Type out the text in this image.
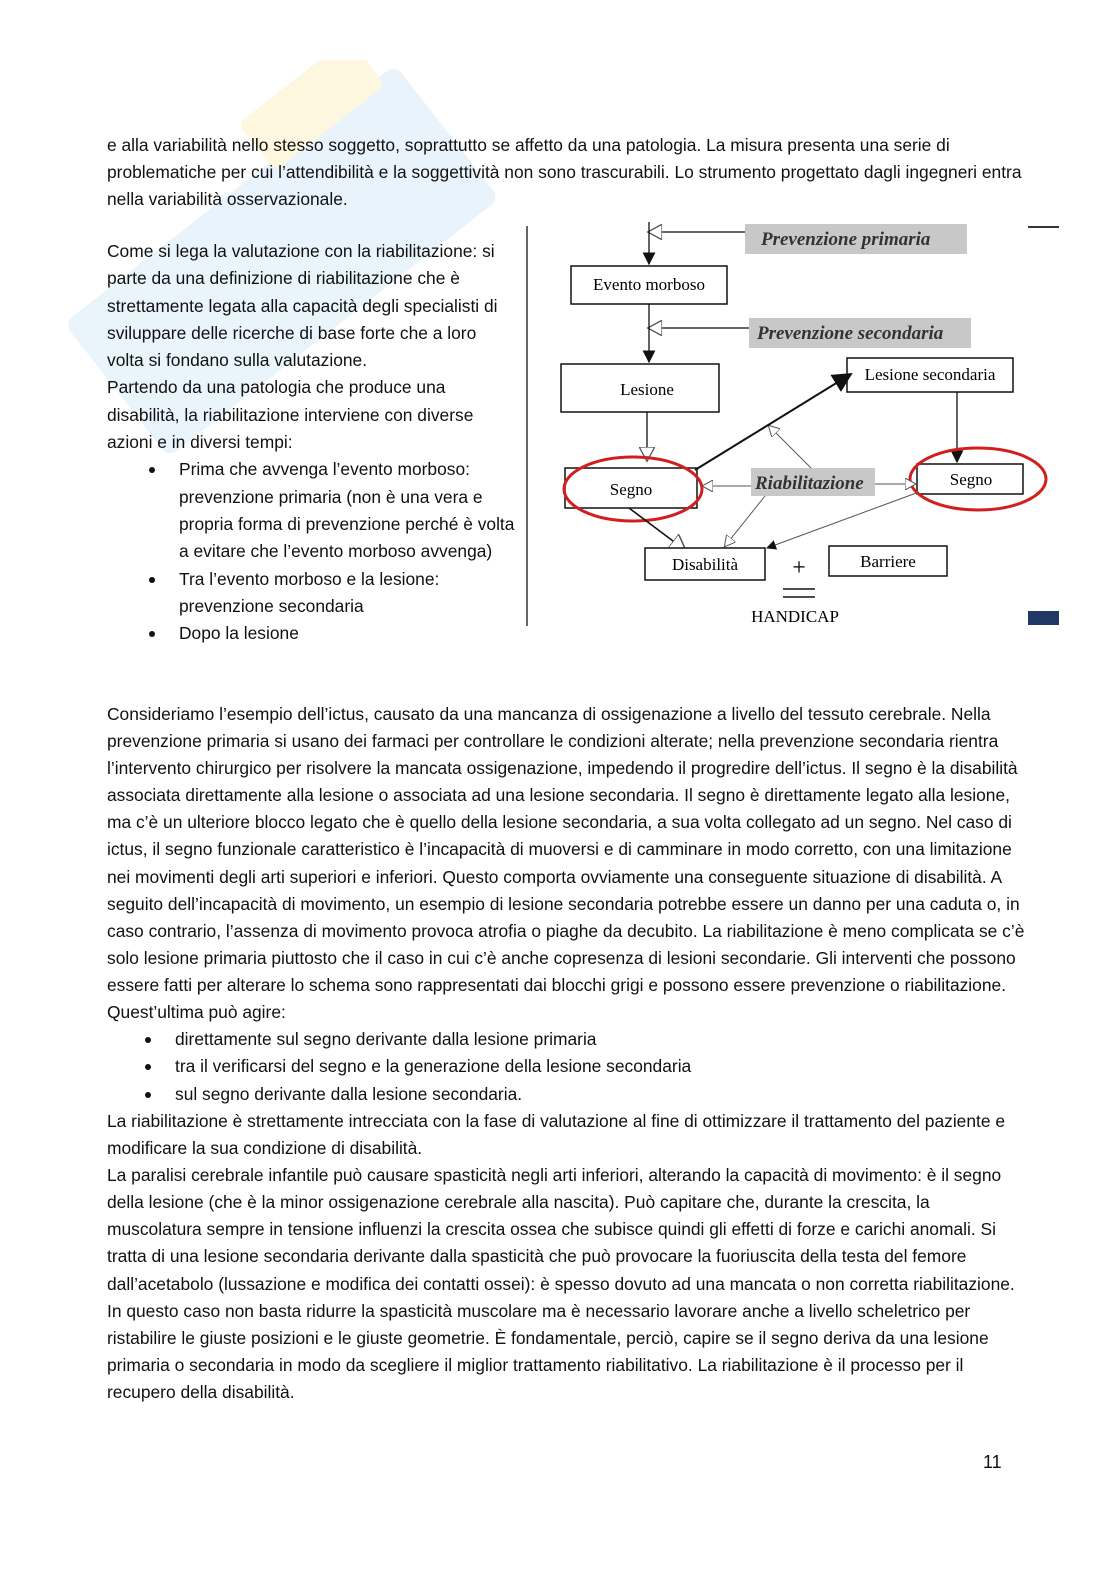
e alla variabilità nello stesso soggetto, soprattutto se affetto da una patologia. La misura presenta una serie di problematiche per cui l’attendibilità e la soggettività non sono trascurabili. Lo strumento progettato dagli ingegneri entra nella variabilità osservazionale.

Come si lega la valutazione con la riabilitazione: si parte da una definizione di riabilitazione che è strettamente legata alla capacità degli specialisti di sviluppare delle ricerche di base forte che a loro volta si fondano sulla valutazione.

Partendo da una patologia che produce una disabilità, la riabilitazione interviene con diverse azioni e in diversi tempi:

Prima che avvenga l’evento morboso: prevenzione primaria (non è una vera e propria forma di prevenzione perché è volta a evitare che l’evento morboso avvenga)
Tra l’evento morboso e la lesione: prevenzione secondaria
Dopo la lesione
Prevenzione primaria
Evento morboso
Prevenzione secondaria
Lesione
Lesione secondaria
Segno
Segno
Riabilitazione
Disabilità +	Barriere
HANDICAP

Consideriamo l’esempio dell’ictus, causato da una mancanza di ossigenazione a livello del tessuto cerebrale. Nella prevenzione primaria si usano dei farmaci per controllare le condizioni alterate; nella prevenzione secondaria rientra l’intervento chirurgico per risolvere la mancata ossigenazione, impedendo il progredire dell’ictus. Il segno è la disabilità associata direttamente alla lesione o associata ad una lesione secondaria. Il segno è direttamente legato alla lesione, ma c’è un ulteriore blocco legato che è quello della lesione secondaria, a sua volta collegato ad un segno. Nel caso di ictus, il segno funzionale caratteristico è l’incapacità di muoversi e di camminare in modo corretto, con una limitazione nei movimenti degli arti superiori e inferiori. Questo comporta ovviamente una conseguente situazione di disabilità. A seguito dell’incapacità di movimento, un esempio di lesione secondaria potrebbe essere un danno per una caduta o, in caso contrario, l’assenza di movimento provoca atrofia o piaghe da decubito. La riabilitazione è meno complicata se c’è solo lesione primaria piuttosto che il caso in cui c’è anche copresenza di lesioni secondarie. Gli interventi che possono essere fatti per alterare lo schema sono rappresentati dai blocchi grigi e possono essere prevenzione o riabilitazione. Quest’ultima può agire:

direttamente sul segno derivante dalla lesione primaria
tra il verificarsi del segno e la generazione della lesione secondaria
sul segno derivante dalla lesione secondaria.

La riabilitazione è strettamente intrecciata con la fase di valutazione al fine di ottimizzare il trattamento del paziente e modificare la sua condizione di disabilità.

La paralisi cerebrale infantile può causare spasticità negli arti inferiori, alterando la capacità di movimento: è il segno della lesione (che è la minor ossigenazione cerebrale alla nascita). Può capitare che, durante la crescita, la muscolatura sempre in tensione influenzi la crescita ossea che subisce quindi gli effetti di forze e carichi anomali. Si tratta di una lesione secondaria derivante dalla spasticità che può provocare la fuoriuscita della testa del femore dall’acetabolo (lussazione e modifica dei contatti ossei): è spesso dovuto ad una mancata o non corretta riabilitazione. In questo caso non basta ridurre la spasticità muscolare ma è necessario lavorare anche a livello scheletrico per ristabilire le giuste posizioni e le giuste geometrie. È fondamentale, perciò, capire se il segno deriva da una lesione primaria o secondaria in modo da scegliere il miglior trattamento riabilitativo. La riabilitazione è il processo per il recupero della disabilità.

11
